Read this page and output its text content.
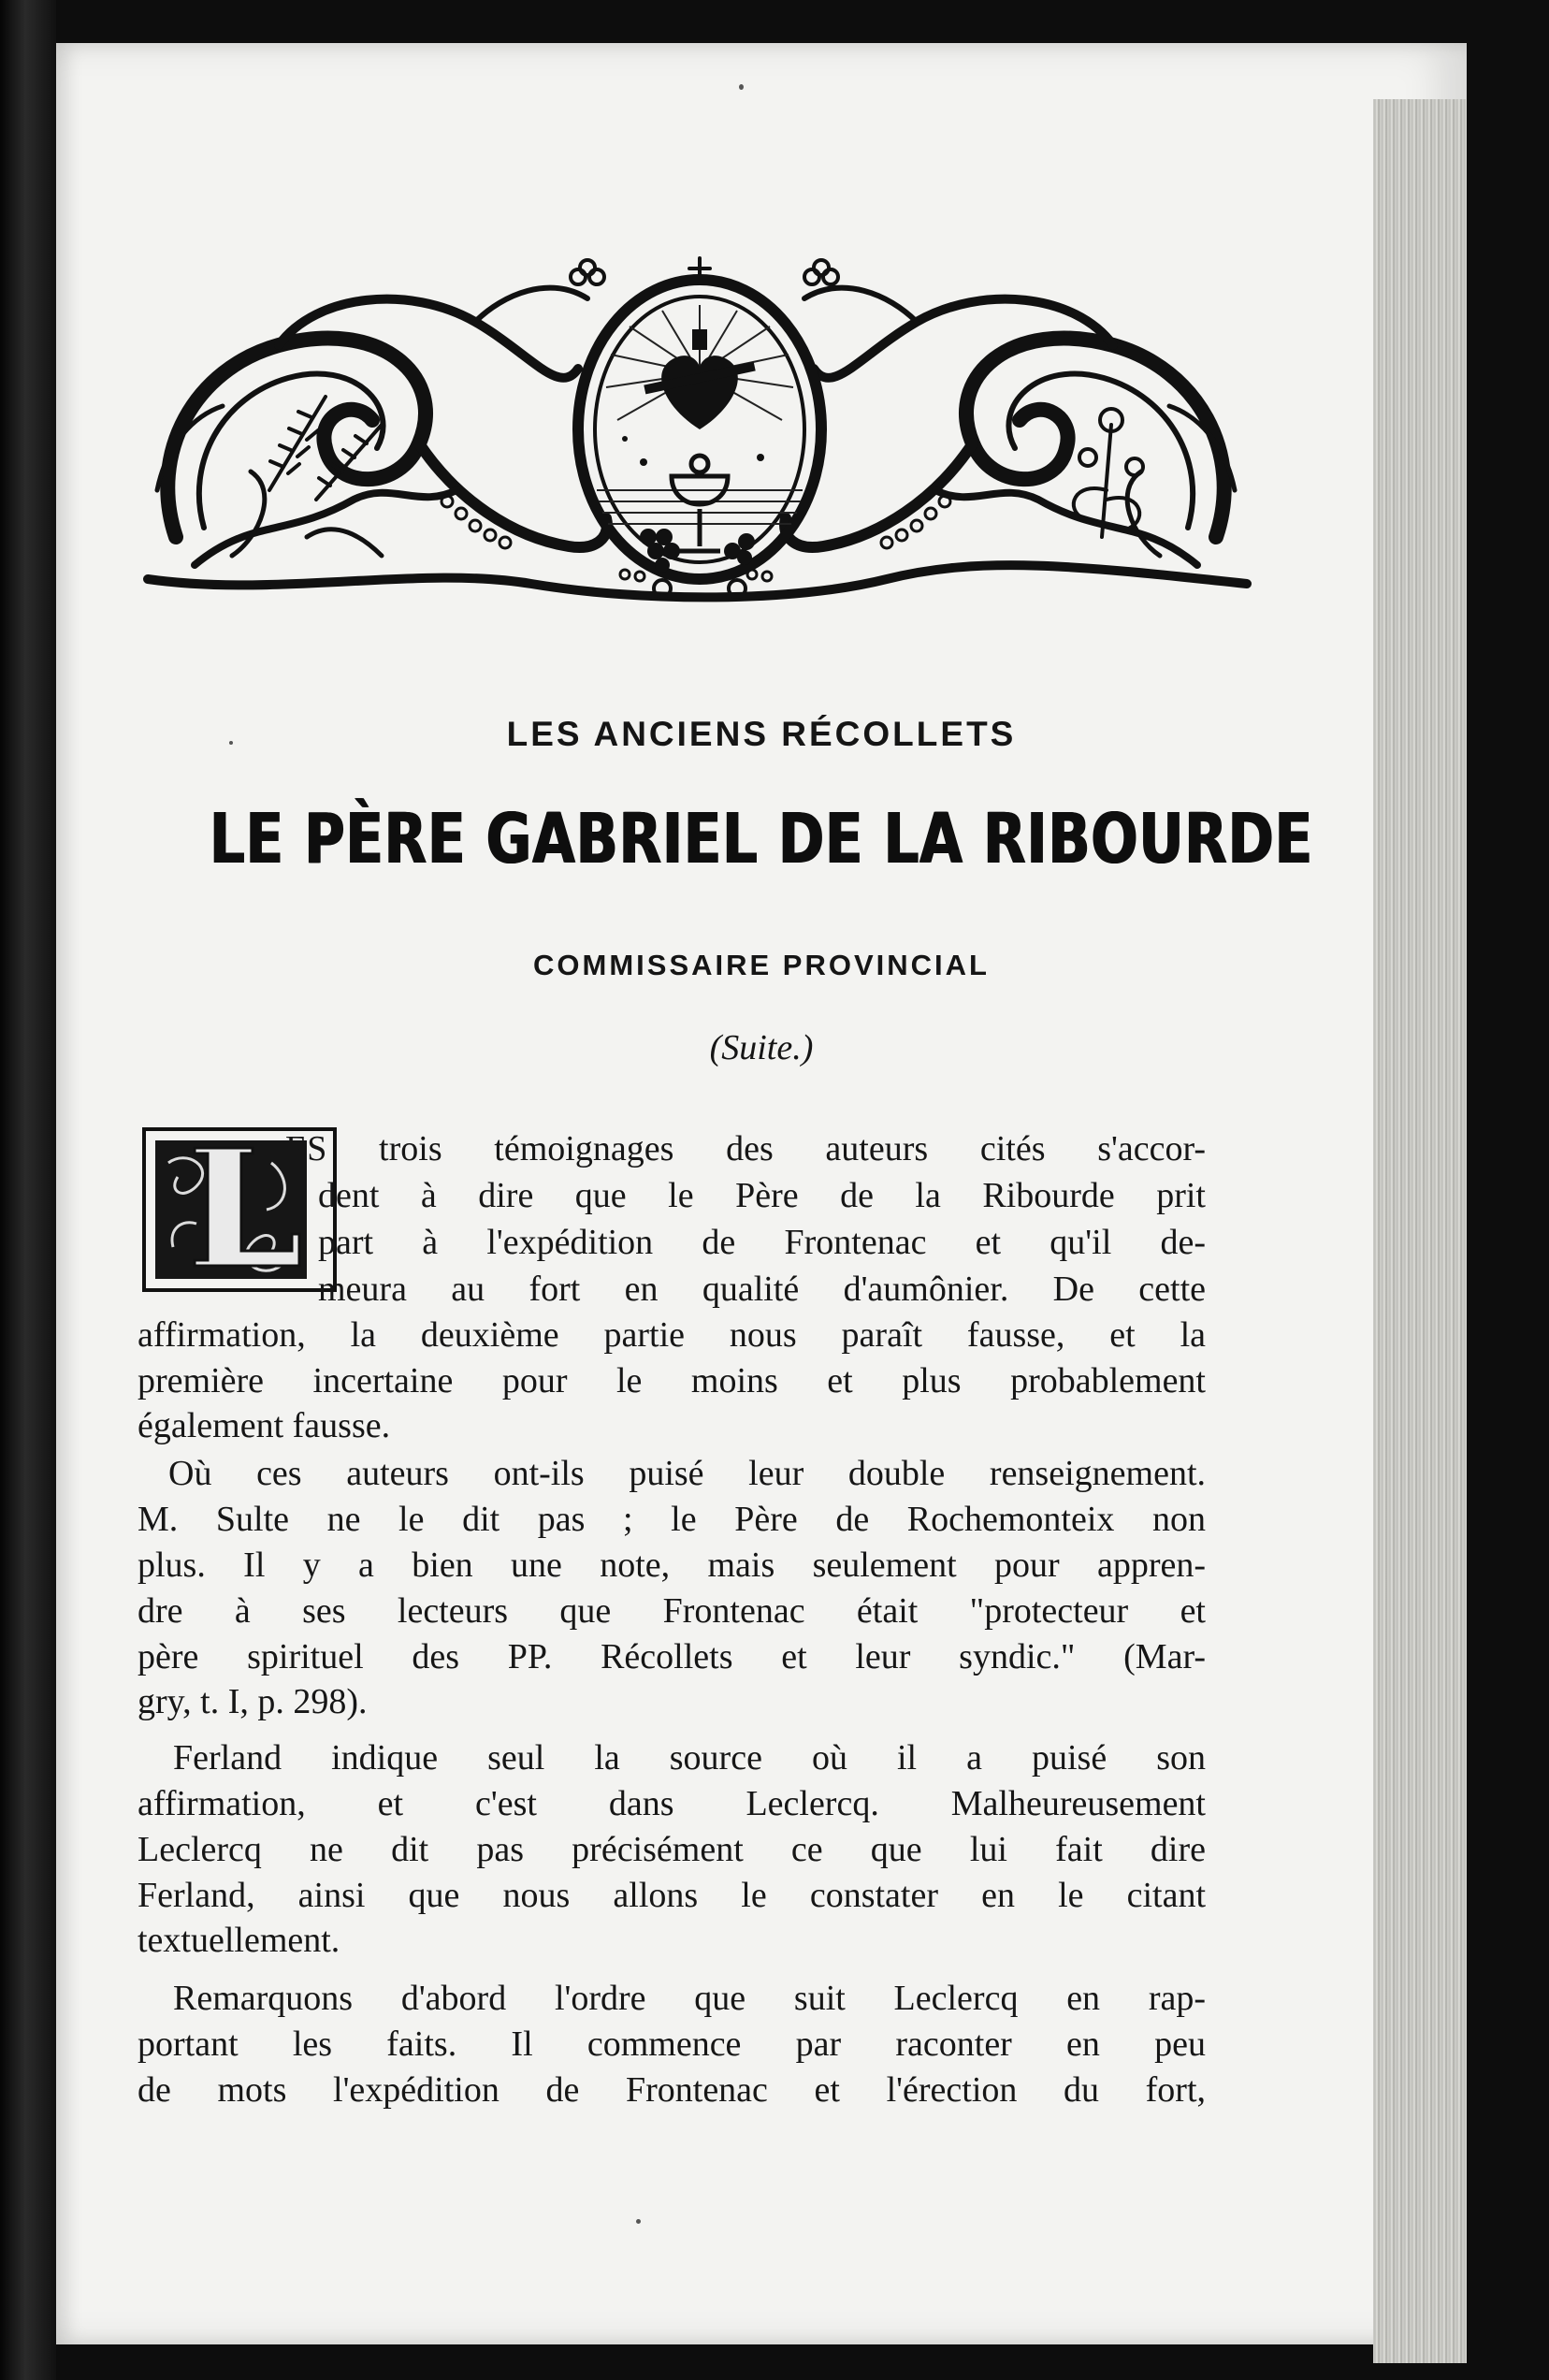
LES ANCIENS RÉCOLLETS
LE PÈRE GABRIEL DE LA RIBOURDE
COMMISSAIRE PROVINCIAL
(Suite.)
L
ES trois témoignages des auteurs cités s'accor-
dent à dire que le Père de la Ribourde prit
part à l'expédition de Frontenac et qu'il de-
meura au fort en qualité d'aumônier. De cette
affirmation, la deuxième partie nous paraît fausse, et la
première incertaine pour le moins et plus probablement
également fausse.
Où ces auteurs ont-ils puisé leur double renseignement.
M. Sulte ne le dit pas ; le Père de Rochemonteix non
plus. Il y a bien une note, mais seulement pour appren-
dre à ses lecteurs que Frontenac était "protecteur et
père spirituel des PP. Récollets et leur syndic." (Mar-
gry, t. I, p. 298).
Ferland indique seul la source où il a puisé son
affirmation, et c'est dans Leclercq. Malheureusement
Leclercq ne dit pas précisément ce que lui fait dire
Ferland, ainsi que nous allons le constater en le citant
textuellement.
Remarquons d'abord l'ordre que suit Leclercq en rap-
portant les faits. Il commence par raconter en peu
de mots l'expédition de Frontenac et l'érection du fort,
